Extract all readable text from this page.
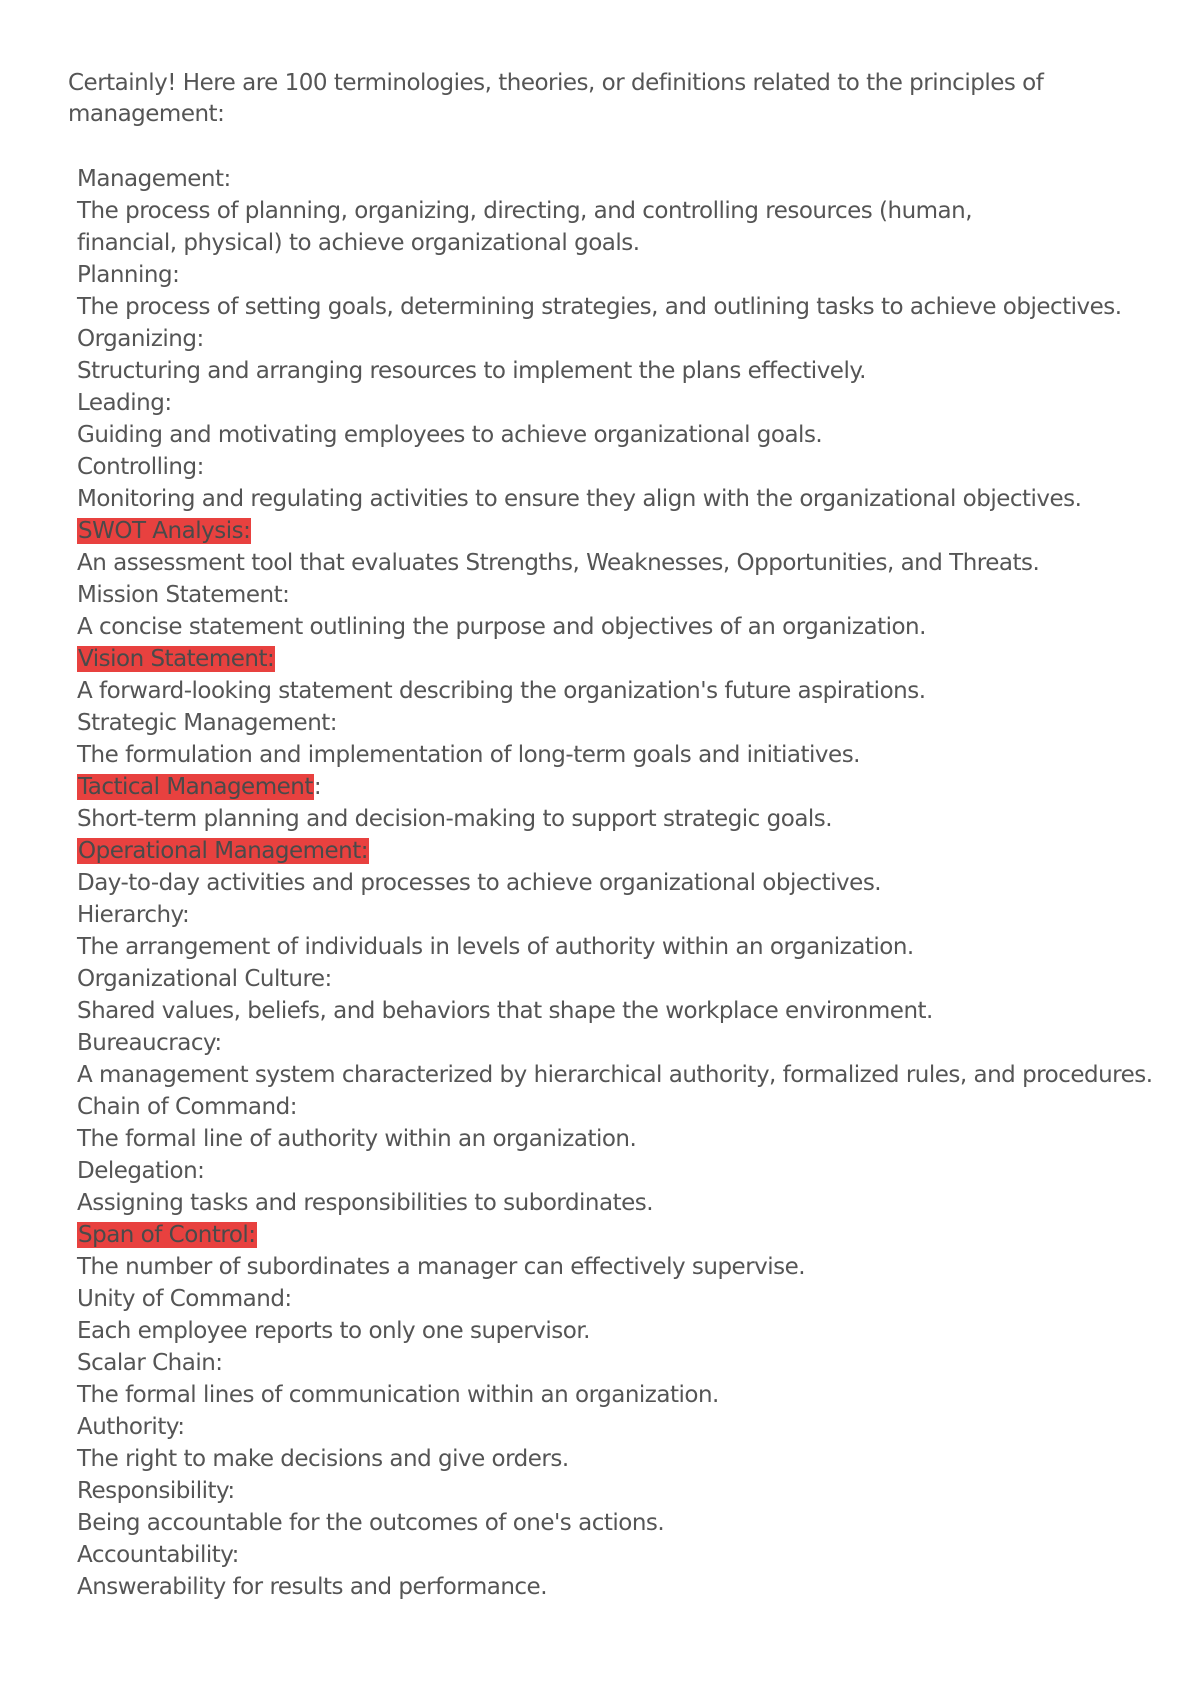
Certainly! Here are 100 terminologies, theories, or definitions related to the principles of management:

Management:
The process of planning, organizing, directing, and controlling resources (human, financial, physical) to achieve organizational goals.
Planning:
The process of setting goals, determining strategies, and outlining tasks to achieve objectives.
Organizing:
Structuring and arranging resources to implement the plans effectively.
Leading:
Guiding and motivating employees to achieve organizational goals.
Controlling:
Monitoring and regulating activities to ensure they align with the organizational objectives.
SWOT Analysis:
An assessment tool that evaluates Strengths, Weaknesses, Opportunities, and Threats.
Mission Statement:
A concise statement outlining the purpose and objectives of an organization.
Vision Statement:
A forward-looking statement describing the organization's future aspirations.
Strategic Management:
The formulation and implementation of long-term goals and initiatives.
Tactical Management:
Short-term planning and decision-making to support strategic goals.
Operational Management:
Day-to-day activities and processes to achieve organizational objectives.
Hierarchy:
The arrangement of individuals in levels of authority within an organization.
Organizational Culture:
Shared values, beliefs, and behaviors that shape the workplace environment.
Bureaucracy:
A management system characterized by hierarchical authority, formalized rules, and procedures.
Chain of Command:
The formal line of authority within an organization.
Delegation:
Assigning tasks and responsibilities to subordinates.
Span of Control:
The number of subordinates a manager can effectively supervise.
Unity of Command:
Each employee reports to only one supervisor.
Scalar Chain:
The formal lines of communication within an organization.
Authority:
The right to make decisions and give orders.
Responsibility:
Being accountable for the outcomes of one's actions.
Accountability:
Answerability for results and performance.
